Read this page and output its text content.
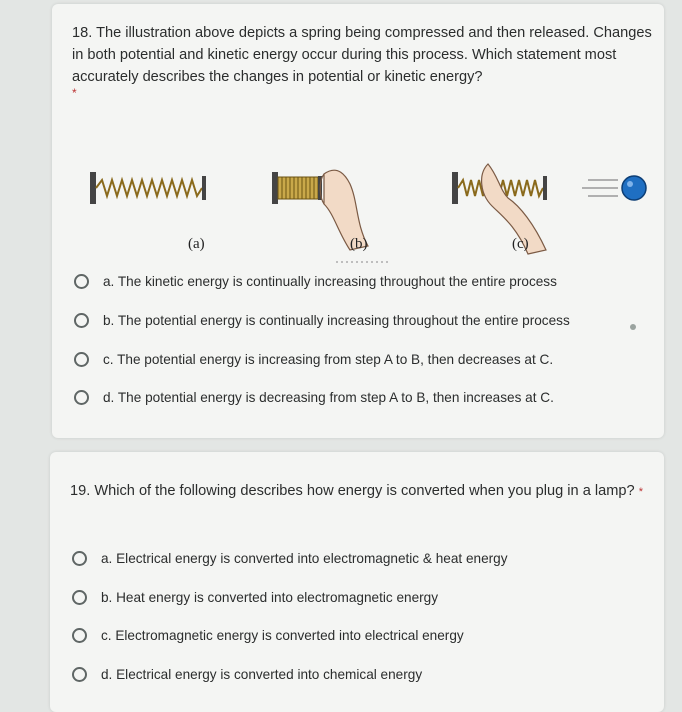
18. The illustration above depicts a spring being compressed and then released. Changes in both potential and kinetic energy occur during this process. Which statement most accurately describes the changes in potential or kinetic energy?
*
(a)	(b)	(c)
a. The kinetic energy is continually increasing throughout the entire process
b. The potential energy is continually increasing throughout the entire process
c. The potential energy is increasing from step A to B, then decreases at C.
d. The potential energy is decreasing from step A to B, then increases at C.
19. Which of the following describes how energy is converted when you plug in a lamp? *
a. Electrical energy is converted into electromagnetic & heat energy
b. Heat energy is converted into electromagnetic energy
c. Electromagnetic energy is converted into electrical energy
d. Electrical energy is converted into chemical energy
